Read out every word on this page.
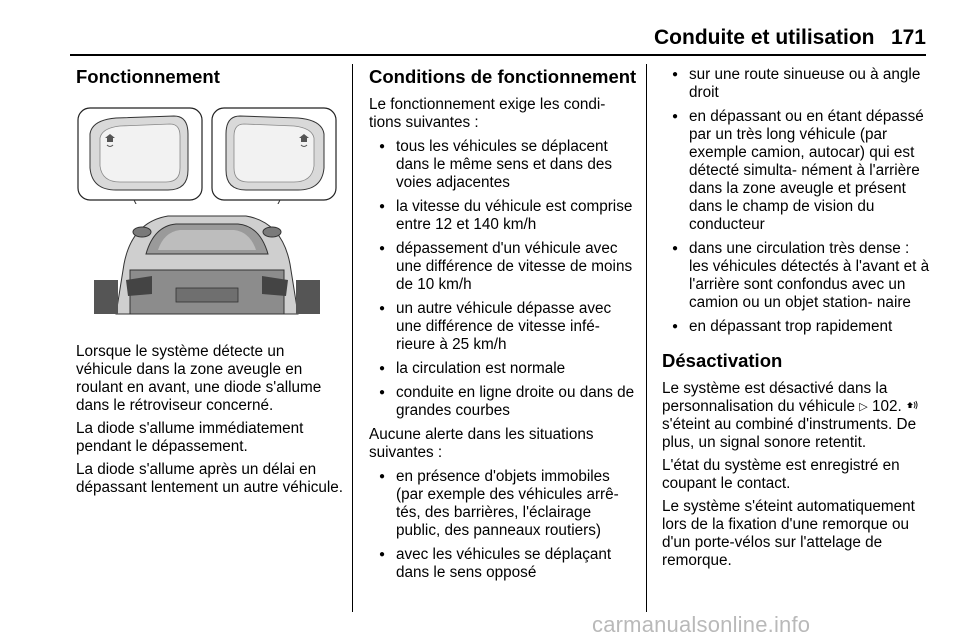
Conduite et utilisation 171
Fonctionnement

Lorsque le système détecte un véhicule dans la zone aveugle en roulant en avant, une diode s'allume dans le rétroviseur concerné.

La diode s'allume immédiatement pendant le dépassement.

La diode s'allume après un délai en dépassant lentement un autre véhicule.

Conditions de fonctionnement

Le fonctionnement exige les condi‐ tions suivantes :

● tous les véhicules se déplacent dans le même sens et dans des voies adjacentes
● la vitesse du véhicule est comprise entre 12 et 140 km/h
● dépassement d'un véhicule avec une différence de vitesse de moins de 10 km/h
● un autre véhicule dépasse avec une différence de vitesse infé‐ rieure à 25 km/h
● la circulation est normale
● conduite en ligne droite ou dans de grandes courbes

Aucune alerte dans les situations suivantes :

● en présence d'objets immobiles (par exemple des véhicules arrê‐ tés, des barrières, l'éclairage public, des panneaux routiers)
● avec les véhicules se déplaçant dans le sens opposé
● sur une route sinueuse ou à angle droit
● en dépassant ou en étant dépassé par un très long véhicule (par exemple camion, autocar) qui est détecté simulta‐ nément à l'arrière dans la zone aveugle et présent dans le champ de vision du conducteur
● dans une circulation très dense : les véhicules détectés à l'avant et à l'arrière sont confondus avec un camion ou un objet station‐ naire
● en dépassant trop rapidement
Désactivation

Le système est désactivé dans la personnalisation du véhicule ▷ 102.  s'éteint au combiné d'instruments. De plus, un signal sonore retentit.

L'état du système est enregistré en coupant le contact.

Le système s'éteint automatiquement lors de la fixation d'une remorque ou d'un porte-vélos sur l'attelage de remorque.

carmanualsonline.info
